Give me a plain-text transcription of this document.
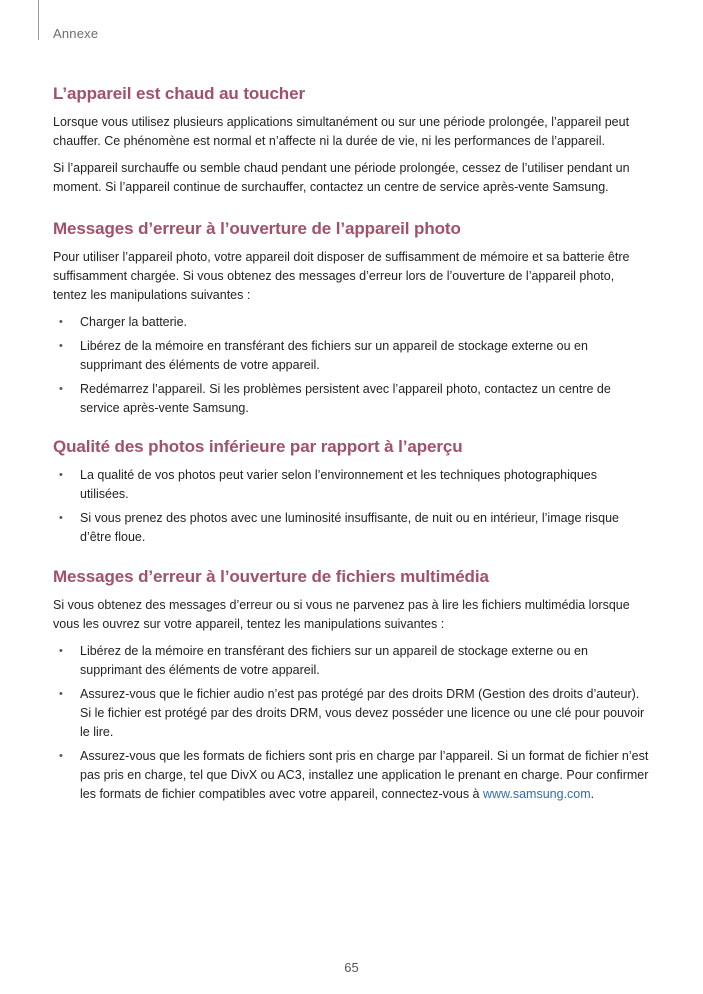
Annexe
L’appareil est chaud au toucher

Lorsque vous utilisez plusieurs applications simultanément ou sur une période prolongée, l’appareil peut chauffer. Ce phénomène est normal et n’affecte ni la durée de vie, ni les performances de l’appareil.

Si l’appareil surchauffe ou semble chaud pendant une période prolongée, cessez de l’utiliser pendant un moment. Si l’appareil continue de surchauffer, contactez un centre de service après-vente Samsung.

Messages d’erreur à l’ouverture de l’appareil photo

Pour utiliser l’appareil photo, votre appareil doit disposer de suffisamment de mémoire et sa batterie être suffisamment chargée. Si vous obtenez des messages d’erreur lors de l’ouverture de l’appareil photo, tentez les manipulations suivantes :

• Charger la batterie.
• Libérez de la mémoire en transférant des fichiers sur un appareil de stockage externe ou en supprimant des éléments de votre appareil.
• Redémarrez l’appareil. Si les problèmes persistent avec l’appareil photo, contactez un centre de service après-vente Samsung.
Qualité des photos inférieure par rapport à l’aperçu
• La qualité de vos photos peut varier selon l’environnement et les techniques photographiques utilisées.
• Si vous prenez des photos avec une luminosité insuffisante, de nuit ou en intérieur, l’image risque d’être floue.
Messages d’erreur à l’ouverture de fichiers multimédia

Si vous obtenez des messages d’erreur ou si vous ne parvenez pas à lire les fichiers multimédia lorsque vous les ouvrez sur votre appareil, tentez les manipulations suivantes :

• Libérez de la mémoire en transférant des fichiers sur un appareil de stockage externe ou en supprimant des éléments de votre appareil.
• Assurez-vous que le fichier audio n’est pas protégé par des droits DRM (Gestion des droits d’auteur). Si le fichier est protégé par des droits DRM, vous devez posséder une licence ou une clé pour pouvoir le lire.
• Assurez-vous que les formats de fichiers sont pris en charge par l’appareil. Si un format de fichier n’est pas pris en charge, tel que DivX ou AC3, installez une application le prenant en charge. Pour confirmer les formats de fichier compatibles avec votre appareil, connectez-vous à www.samsung.com.
65
